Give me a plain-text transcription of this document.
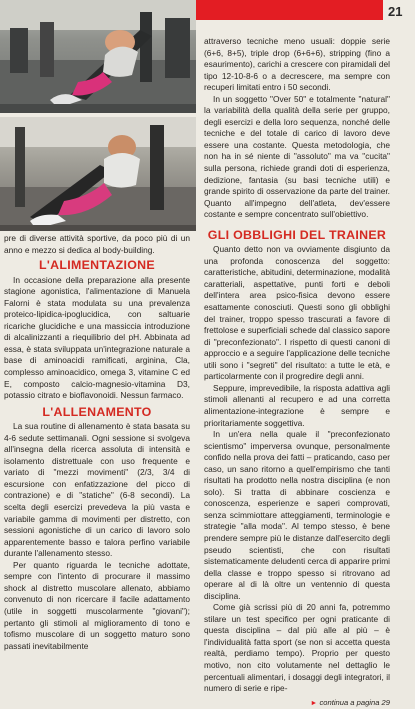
21

pre di diverse attività sportive, da poco più di un anno e mezzo si dedica al body-building.

L'ALIMENTAZIONE

In occasione della preparazione alla presente stagione agonistica, l'alimentazione di Manuela Falorni è stata modulata su una prevalenza proteico-lipidica-ipoglucidica, con saltuarie ricariche glucidiche e una massiccia introduzione di alcalinizzanti a riequilibrio del pH. Abbinata ad essa, è stata sviluppata un'integrazione naturale a base di aminoacidi ramificati, arginina, Cla, complesso aminoacidico, omega 3, vitamine C ed E, composto calcio-magnesio-vitamina D3, potassio citrato e bioflavonoidi. Nessun farmaco.

L'ALLENAMENTO

La sua routine di allenamento è stata basata su 4-6 sedute settimanali. Ogni sessione si svolgeva all'insegna della ricerca assoluta di intensità e isolamento distrettuale con uso frequente e variato di "mezzi movimenti" (2/3, 3/4 di escursione con enfatizzazione del picco di contrazione) e di "statiche" (6-8 secondi). La scelta degli esercizi prevedeva la più vasta e variabile gamma di movimenti per distretto, con sessioni agonistiche di un carico di lavoro solo apparentemente basso e talora perfino variabile durante l'allenamento stesso.

Per quanto riguarda le tecniche adottate, sempre con l'intento di procurare il massimo shock al distretto muscolare allenato, abbiamo convenuto di non ricercare il facile adattamento (utile in soggetti muscolarmente "giovani"); pertanto gli stimoli al miglioramento di tono e tofismo muscolare di un soggetto maturo sono passati inevitabilmente

attraverso tecniche meno usuali: doppie serie (6+6, 8+5), triple drop (6+6+6), stripping (fino a esaurimento), carichi a crescere con piramidali del tipo 12-10-8-6 o a decrescere, ma sempre con recuperi limitati entro i 50 secondi.

In un soggetto "Over 50" e totalmente "natural" la variabilità della qualità della serie per gruppo, degli esercizi e della loro sequenza, nonché delle tecniche e del totale di carico di lavoro deve essere una costante. Questa metodologia, che non ha in sé niente di "assoluto" ma va "cucita" sulla persona, richiede grandi doti di esperienza, dedizione, fantasia (su basi tecniche utili) e grande spirito di osservazione da parte del trainer. Quanto all'impegno dell'atleta, dev'essere costante e sempre concentrato sull'obiettivo.

GLI OBBLIGHI DEL TRAINER

Quanto detto non va ovviamente disgiunto da una profonda conoscenza del soggetto: caratteristiche, abitudini, determinazione, modalità caratteriali, aspettative, punti forti e deboli dell'intera area psico-fisica devono essere esattamente conosciuti. Questi sono gli obblighi del trainer, troppo spesso trascurati a favore di frettolose e superficiali schede dal classico sapore di "preconfezionato". I rispetto di questi canoni di approccio e a seguire l'applicazione delle tecniche utili sono i "segreti" del risultato: a tutte le età, e particolarmente con il progredire degli anni.

Seppure, imprevedibile, la risposta adattiva agli stimoli allenanti al recupero e ad una corretta alimentazione-integrazione è sempre e prioritariamente soggettiva.

In un'era nella quale il "preconfezionato scientismo" imperversa ovunque, personalmente confido nella prova dei fatti – praticando, caso per caso, un sano ritorno a quell'empirismo che tanti risultati ha prodotto nella nostra disciplina (e non solo). Si tratta di abbinare coscienza e conoscenza, esperienze e saperi comprovati, senza scimmiottare atteggiamenti, terminologie e strategie "alla moda". Al tempo stesso, è bene prendere sempre più le distanze dall'esercito degli pseudo scientisti, che con risultati sistematicamente deludenti cerca di apparire primi della classe e troppo spesso si ritrovano ad operare al di là oltre un ventennio di questa disciplina.

Come già scrissi più di 20 anni fa, potremmo stilare un test specifico per ogni praticante di questa disciplina – dal più alle al più – è l'individualità fatta sport (se non si accetta questa realtà, perdiamo tempo). Proprio per questo motivo, non cito volutamente nel dettaglio le percentuali alimentari, i dosaggi degli integratori, il numero di serie e ripe-

► continua a pagina 29
